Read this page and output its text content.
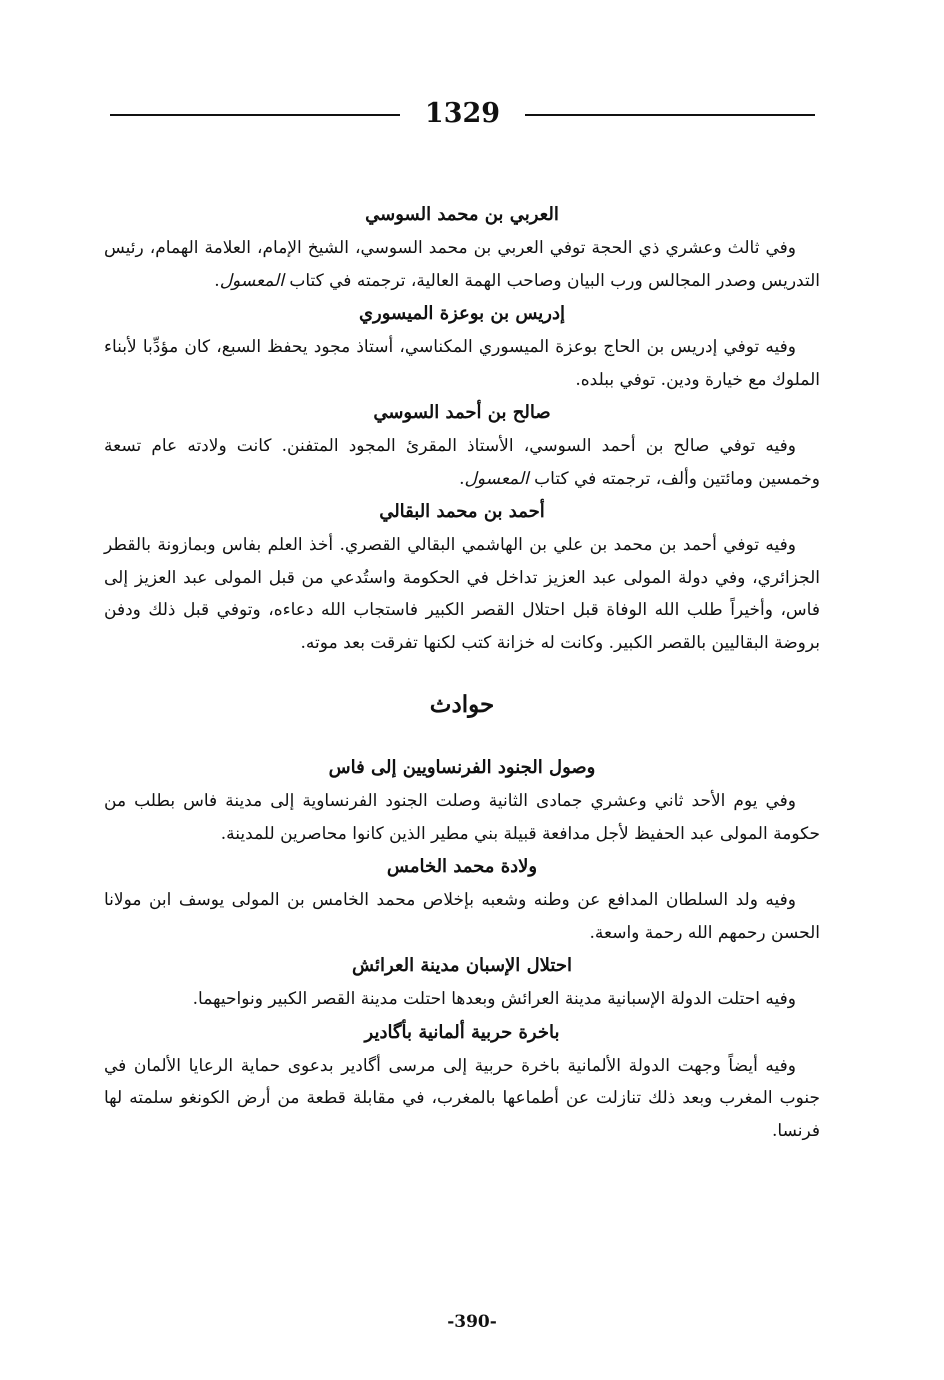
1329
العربي بن محمد السوسي

وفي ثالث وعشري ذي الحجة توفي العربي بن محمد السوسي، الشيخ الإمام، العلامة الهمام، رئيس التدريس وصدر المجالس ورب البيان وصاحب الهمة العالية، ترجمته في كتاب المعسول.

إدريس بن بوعزة الميسوري

وفيه توفي إدريس بن الحاج بوعزة الميسوري المكناسي، أستاذ مجود يحفظ السبع، كان مؤدِّبا لأبناء الملوك مع خيارة ودين. توفي ببلده.

صالح بن أحمد السوسي

وفيه توفي صالح بن أحمد السوسي، الأستاذ المقرئ المجود المتفنن. كانت ولادته عام تسعة وخمسين ومائتين وألف، ترجمته في كتاب المعسول.

أحمد بن محمد البقالي

وفيه توفي أحمد بن محمد بن علي بن الهاشمي البقالي القصري. أخذ العلم بفاس وبمازونة بالقطر الجزائري، وفي دولة المولى عبد العزيز تداخل في الحكومة واستُدعي من قبل المولى عبد العزيز إلى فاس، وأخيراً طلب الله الوفاة قبل احتلال القصر الكبير فاستجاب الله دعاءه، وتوفي قبل ذلك ودفن بروضة البقاليين بالقصر الكبير. وكانت له خزانة كتب لكنها تفرقت بعد موته.

حوادث
وصول الجنود الفرنساويين إلى فاس

وفي يوم الأحد ثاني وعشري جمادى الثانية وصلت الجنود الفرنساوية إلى مدينة فاس بطلب من حكومة المولى عبد الحفيظ لأجل مدافعة قبيلة بني مطير الذين كانوا محاصرين للمدينة.

ولادة محمد الخامس

وفيه ولد السلطان المدافع عن وطنه وشعبه بإخلاص محمد الخامس بن المولى يوسف ابن مولانا الحسن رحمهم الله رحمة واسعة.

احتلال الإسبان مدينة العرائش

وفيه احتلت الدولة الإسبانية مدينة العرائش وبعدها احتلت مدينة القصر الكبير ونواحيهما.

باخرة حربية ألمانية بأگادير

وفيه أيضاً وجهت الدولة الألمانية باخرة حربية إلى مرسى أگادير بدعوى حماية الرعايا الألمان في جنوب المغرب وبعد ذلك تنازلت عن أطماعها بالمغرب، في مقابلة قطعة من أرض الكونغو سلمته لها فرنسا.

-390-
